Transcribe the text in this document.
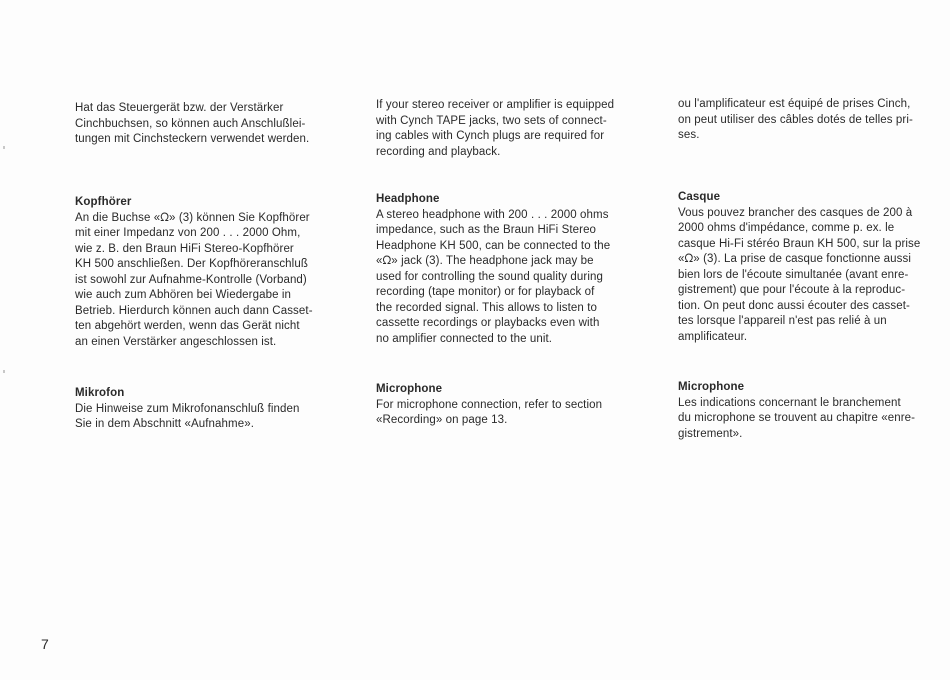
Hat das Steuergerät bzw. der Verstärker
Cinchbuchsen, so können auch Anschlußlei-
tungen mit Cinchsteckern verwendet werden.
Kopfhörer
An die Buchse «ᘯ» (3) können Sie Kopfhörer
mit einer Impedanz von 200 . . . 2000 Ohm,
wie z. B. den Braun HiFi Stereo-Kopfhörer
KH 500 anschließen. Der Kopfhöreranschluß
ist sowohl zur Aufnahme-Kontrolle (Vorband)
wie auch zum Abhören bei Wiedergabe in
Betrieb. Hierdurch können auch dann Casset-
ten abgehört werden, wenn das Gerät nicht
an einen Verstärker angeschlossen ist.
Mikrofon
Die Hinweise zum Mikrofonanschluß finden
Sie in dem Abschnitt «Aufnahme».
If your stereo receiver or amplifier is equipped
with Cynch TAPE jacks, two sets of connect-
ing cables with Cynch plugs are required for
recording and playback.
Headphone
A stereo headphone with 200 . . . 2000 ohms
impedance, such as the Braun HiFi Stereo
Headphone KH 500, can be connected to the
«ᘯ» jack (3). The headphone jack may be
used for controlling the sound quality during
recording (tape monitor) or for playback of
the recorded signal. This allows to listen to
cassette recordings or playbacks even with
no amplifier connected to the unit.
Microphone
For microphone connection, refer to section
«Recording» on page 13.
ou l'amplificateur est équipé de prises Cinch,
on peut utiliser des câbles dotés de telles pri-
ses.
Casque
Vous pouvez brancher des casques de 200 à
2000 ohms d'impédance, comme p. ex. le
casque Hi-Fi stéréo Braun KH 500, sur la prise
«ᘯ» (3). La prise de casque fonctionne aussi
bien lors de l'écoute simultanée (avant enre-
gistrement) que pour l'écoute à la reproduc-
tion. On peut donc aussi écouter des casset-
tes lorsque l'appareil n'est pas relié à un
amplificateur.
Microphone
Les indications concernant le branchement
du microphone se trouvent au chapitre «enre-
gistrement».
7
